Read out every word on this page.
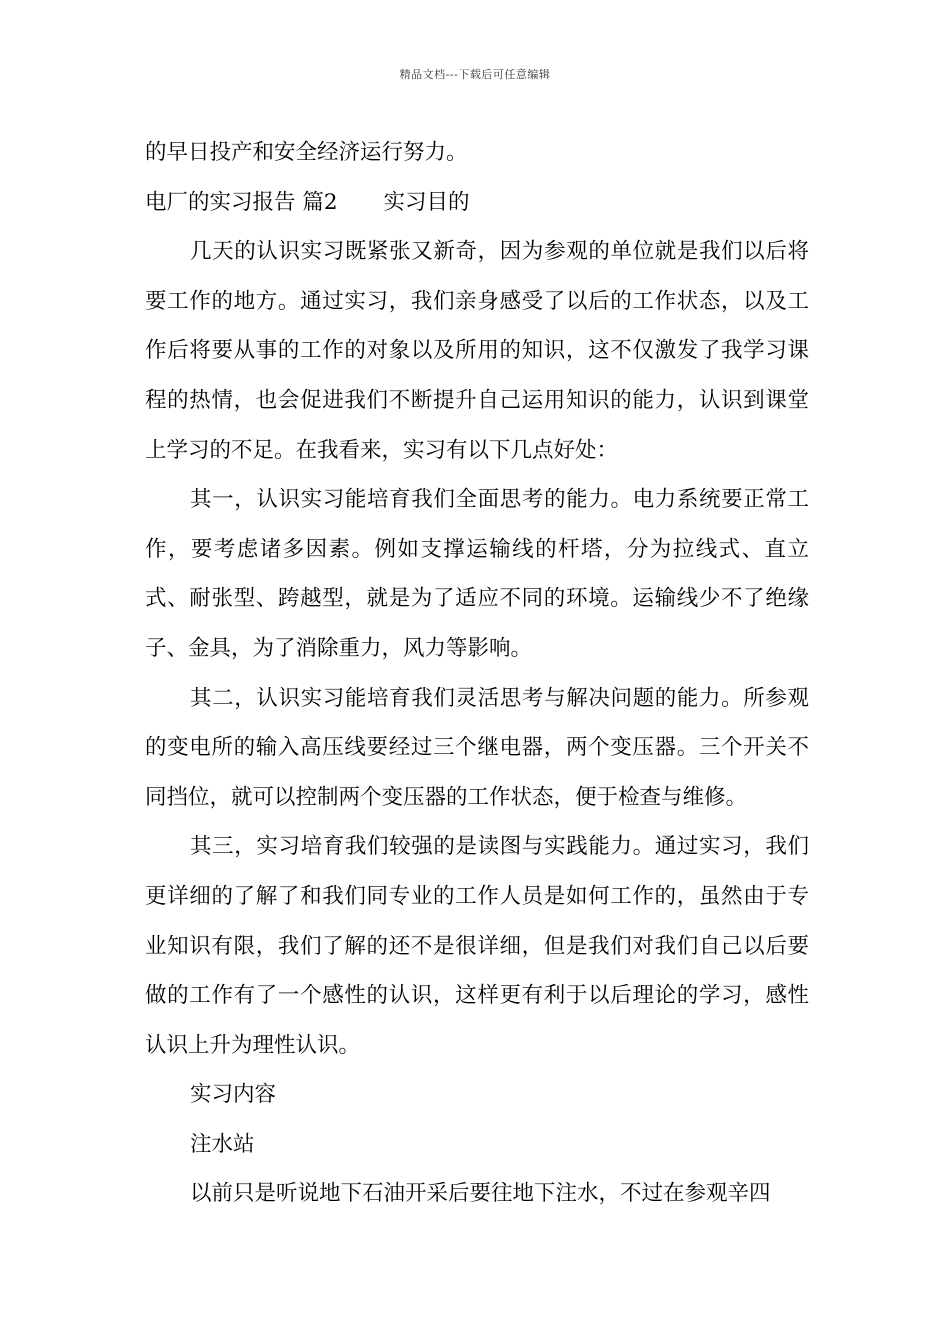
精品文档---下载后可任意编辑

的早日投产和安全经济运行努力。

电厂的实习报告 篇2 实习目的

几天的认识实习既紧张又新奇，因为参观的单位就是我们以后将要工作的地方。通过实习，我们亲身感受了以后的工作状态，以及工作后将要从事的工作的对象以及所用的知识，这不仅激发了我学习课程的热情，也会促进我们不断提升自己运用知识的能力，认识到课堂上学习的不足。在我看来，实习有以下几点好处：

其一，认识实习能培育我们全面思考的能力。电力系统要正常工作，要考虑诸多因素。例如支撑运输线的杆塔，分为拉线式、直立式、耐张型、跨越型，就是为了适应不同的环境。运输线少不了绝缘子、金具，为了消除重力，风力等影响。

其二，认识实习能培育我们灵活思考与解决问题的能力。所参观的变电所的输入高压线要经过三个继电器，两个变压器。三个开关不同挡位，就可以控制两个变压器的工作状态，便于检查与维修。

其三，实习培育我们较强的是读图与实践能力。通过实习，我们更详细的了解了和我们同专业的工作人员是如何工作的，虽然由于专业知识有限，我们了解的还不是很详细，但是我们对我们自己以后要做的工作有了一个感性的认识，这样更有利于以后理论的学习，感性认识上升为理性认识。

实习内容

注水站

以前只是听说地下石油开采后要往地下注水，不过在参观辛四
